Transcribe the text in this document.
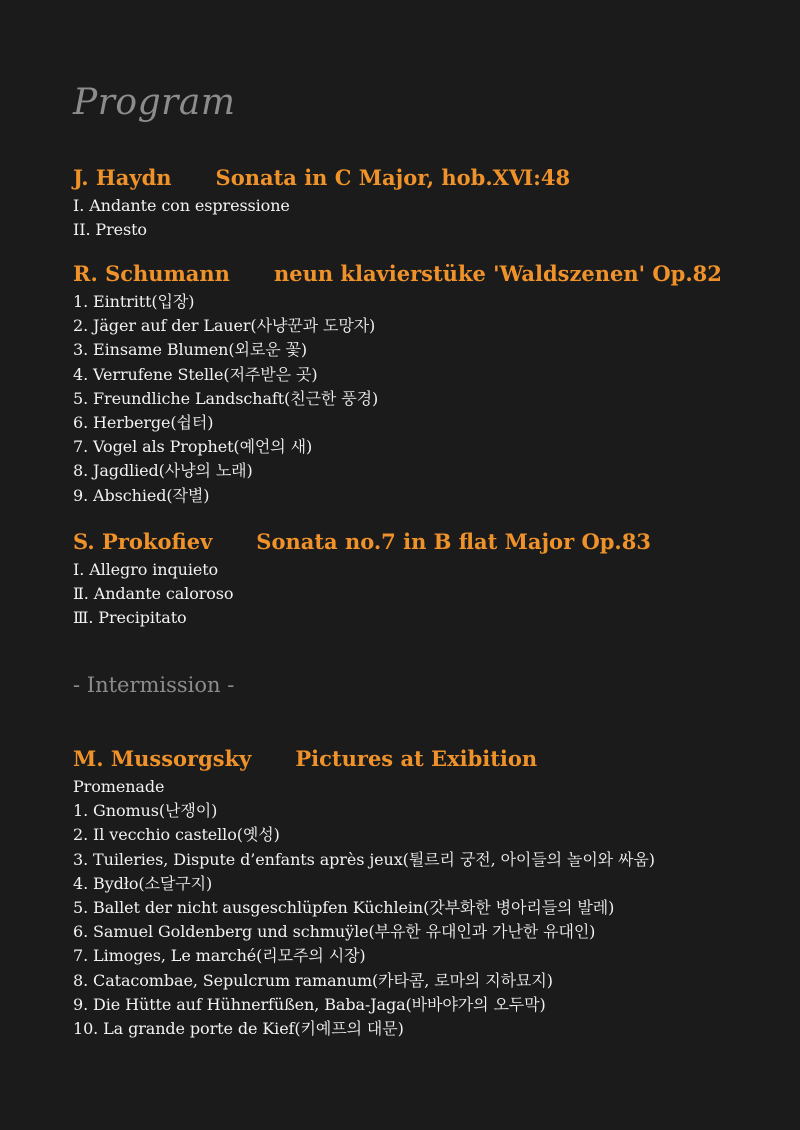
Program
J. Haydn Sonata in C Major, hob.ⅩⅥ:48
I. Andante con espressione
II. Presto
R. Schumann neun klavierstüke 'Waldszenen' Op.82
1. Eintritt(입장)
2. Jäger auf der Lauer(사냥꾼과 도망자)
3. Einsame Blumen(외로운 꽃)
4. Verrufene Stelle(저주받은 곳)
5. Freundliche Landschaft(친근한 풍경)
6. Herberge(쉽터)
7. Vogel als Prophet(예언의 새)
8. Jagdlied(사냥의 노래)
9. Abschied(작별)
S. Prokofiev Sonata no.7 in B flat Major Op.83
Ⅰ. Allegro inquieto
Ⅱ. Andante caloroso
Ⅲ. Precipitato
- Intermission -
M. Mussorgsky Pictures at Exibition
Promenade
1. Gnomus(난쟁이)
2. Il vecchio castello(옛성)
3. Tuileries, Dispute d’enfants après jeux(튈르리 궁전, 아이들의 놀이와 싸움)
4. Bydło(소달구지)
5. Ballet der nicht ausgeschlüpfen Küchlein(갓부화한 병아리들의 발레)
6. Samuel Goldenberg und schmuÿle(부유한 유대인과 가난한 유대인)
7. Limoges, Le marché(리모주의 시장)
8. Catacombae, Sepulcrum ramanum(카타콤, 로마의 지하묘지)
9. Die Hütte auf Hühnerfüßen, Baba-Jaga(바바야가의 오두막)
10. La grande porte de Kief(키예프의 대문)
